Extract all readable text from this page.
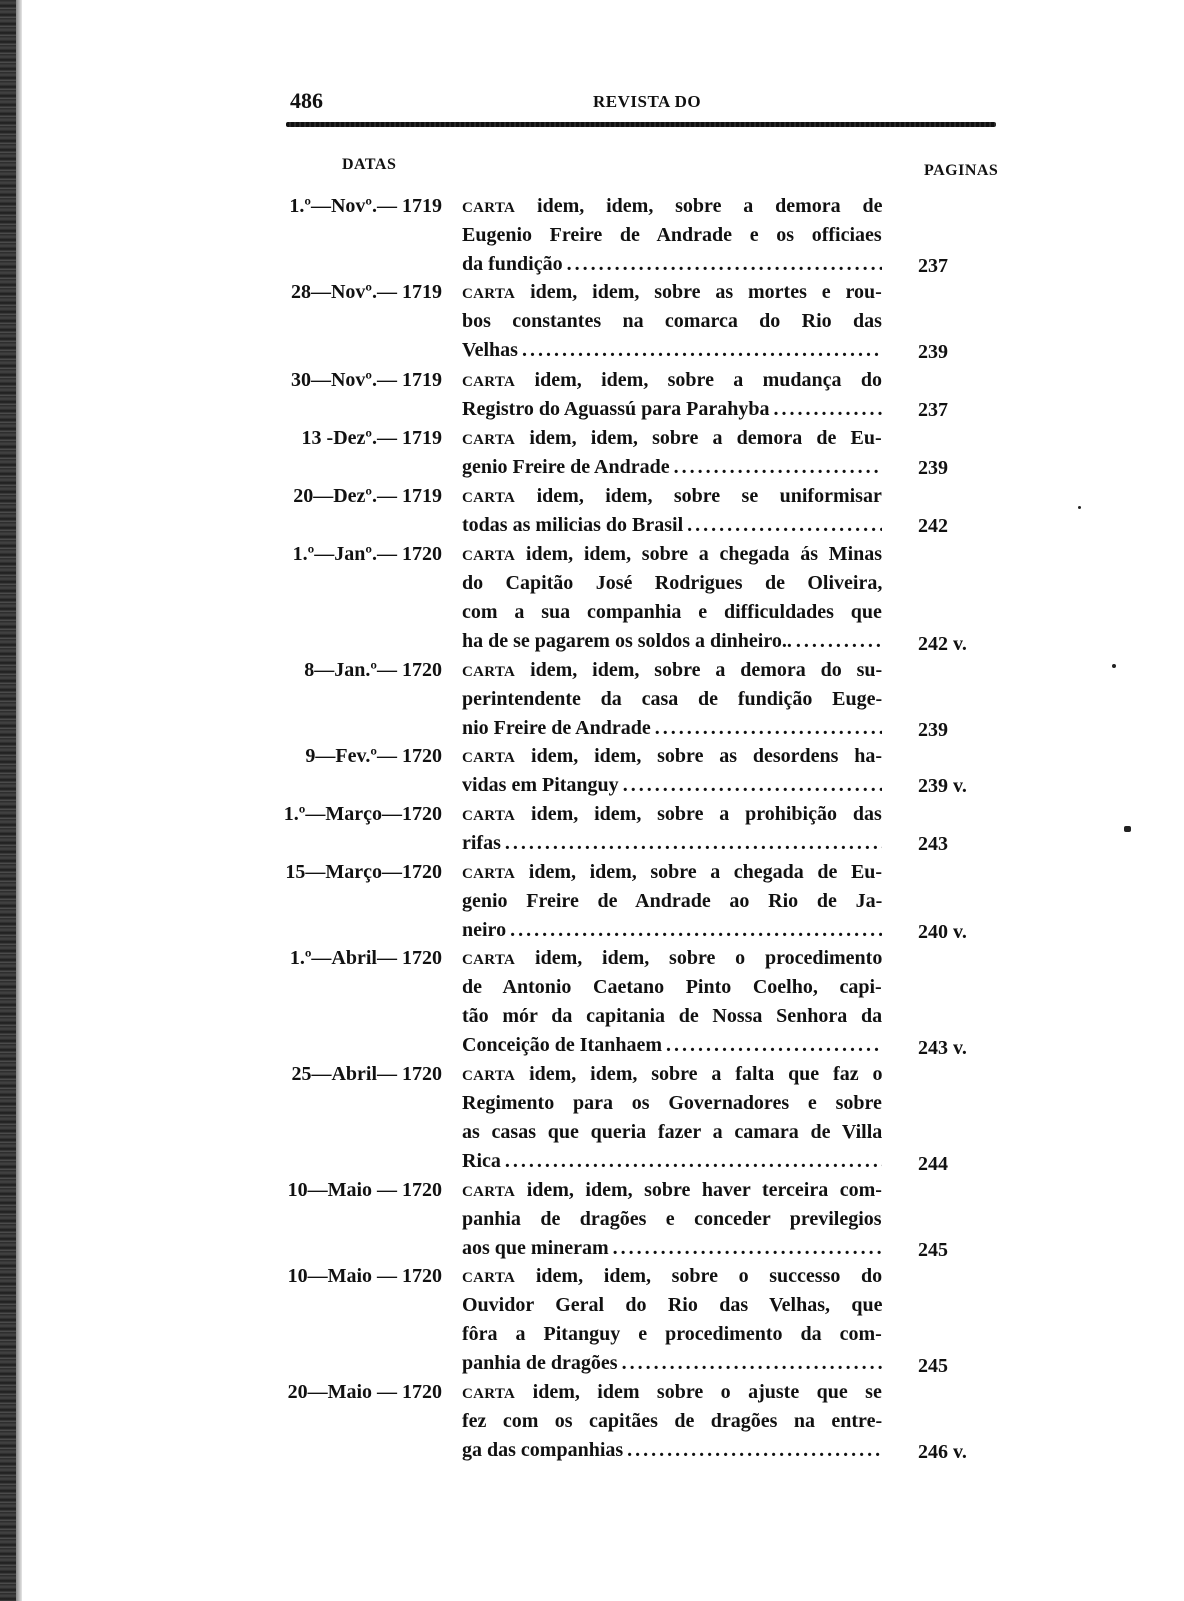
486	REVISTA DO
DATAS	PAGINAS
1.º—Novº.— 1719 CARTA idem, idem, sobre a demora de
Eugenio Freire de Andrade e os officiaes
da fundição .....	237
28—Novº.— 1719 CARTA idem, idem, sobre as mortes e rou-
bos constantes na comarca do Rio das
Velhas .....	239
30—Novº.— 1719 CARTA idem, idem, sobre a mudança do
Registro do Aguassú para Parahyba .....	237
13 -Dezº.— 1719 CARTA idem, idem, sobre a demora de Eu-
genio Freire de Andrade .....	239
20—Dezº.— 1719 CARTA idem, idem, sobre se uniformisar
todas as milicias do Brasil .....	242
1.º—Janº.— 1720 CARTA idem, idem, sobre a chegada ás Minas
do Capitão José Rodrigues de Oliveira,
com a sua companhia e difficuldades que
ha de se pagarem os soldos a dinheiro.. .....	242 v.
8—Jan.º— 1720 CARTA idem, idem, sobre a demora do su-
perintendente da casa de fundição Euge-
nio Freire de Andrade .....	239
9—Fev.º— 1720 CARTA idem, idem, sobre as desordens ha-
vidas em Pitanguy .....	239 v.
1.º—Março—1720 CARTA idem, idem, sobre a prohibição das
rifas .....	243
15—Março—1720 CARTA idem, idem, sobre a chegada de Eu-
genio Freire de Andrade ao Rio de Ja-
neiro .....	240 v.
1.º—Abril— 1720 CARTA idem, idem, sobre o procedimento
de Antonio Caetano Pinto Coelho, capi-
tão mór da capitania de Nossa Senhora da
Conceição de Itanhaem .....	243 v.
25—Abril— 1720 CARTA idem, idem, sobre a falta que faz o
Regimento para os Governadores e sobre
as casas que queria fazer a camara de Villa
Rica .....	244
10—Maio — 1720 CARTA idem, idem, sobre haver terceira com-
panhia de dragões e conceder previlegios
aos que mineram .....	245
10—Maio — 1720 CARTA idem, idem, sobre o successo do
Ouvidor Geral do Rio das Velhas, que
fôra a Pitanguy e procedimento da com-
panhia de dragões .....	245
20—Maio — 1720 CARTA idem, idem sobre o ajuste que se
fez com os capitães de dragões na entre-
ga das companhias .....	246 v.
